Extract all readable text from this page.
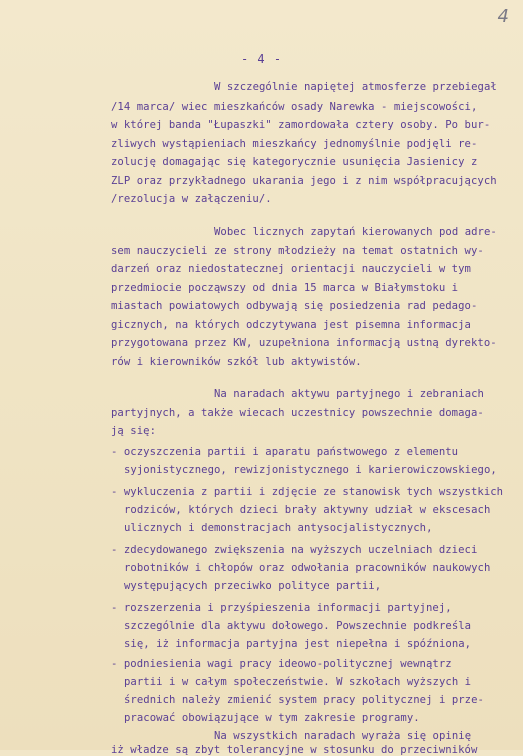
4
- 4 -
W szczególnie napiętej atmosferze przebiegał
/14 marca/ wiec mieszkańców osady Narewka - miejscowości,
w której banda "Łupaszki" zamordowała cztery osoby. Po bur-
zliwych wystąpieniach mieszkańcy jednomyślnie podjęli re-
zolucję domagając się kategorycznie usunięcia Jasienicy z
ZLP oraz przykładnego ukarania jego i z nim współpracujących
/rezolucja w załączeniu/.
Wobec licznych zapytań kierowanych pod adre-
sem nauczycieli ze strony młodzieży na temat ostatnich wy-
darzeń oraz niedostatecznej orientacji nauczycieli w tym
przedmiocie począwszy od dnia 15 marca w Białymstoku i
miastach powiatowych odbywają się posiedzenia rad pedago-
gicznych, na których odczytywana jest pisemna informacja
przygotowana przez KW, uzupełniona informacją ustną dyrekto-
rów i kierowników szkół lub aktywistów.
Na naradach aktywu partyjnego i zebraniach
partyjnych, a także wiecach uczestnicy powszechnie domaga-
ją się:
- oczyszczenia partii i aparatu państwowego z elementu
syjonistycznego, rewizjonistycznego i karierowiczowskiego,
- wykluczenia z partii i zdjęcie ze stanowisk tych wszystkich
rodziców, których dzieci brały aktywny udział w ekscesach
ulicznych i demonstracjach antysocjalistycznych,
- zdecydowanego zwiększenia na wyższych uczelniach dzieci
robotników i chłopów oraz odwołania pracowników naukowych
występujących przeciwko polityce partii,
- rozszerzenia i przyśpieszenia informacji partyjnej,
szczególnie dla aktywu dołowego. Powszechnie podkreśla
się, iż informacja partyjna jest niepełna i spóźniona,
- podniesienia wagi pracy ideowo-politycznej wewnątrz
partii i w całym społeczeństwie. W szkołach wyższych i
średnich należy zmienić system pracy politycznej i prze-
pracować obowiązujące w tym zakresie programy.
Na wszystkich naradach wyraża się opinię
iż władze są zbyt tolerancyjne w stosunku do przeciwników
